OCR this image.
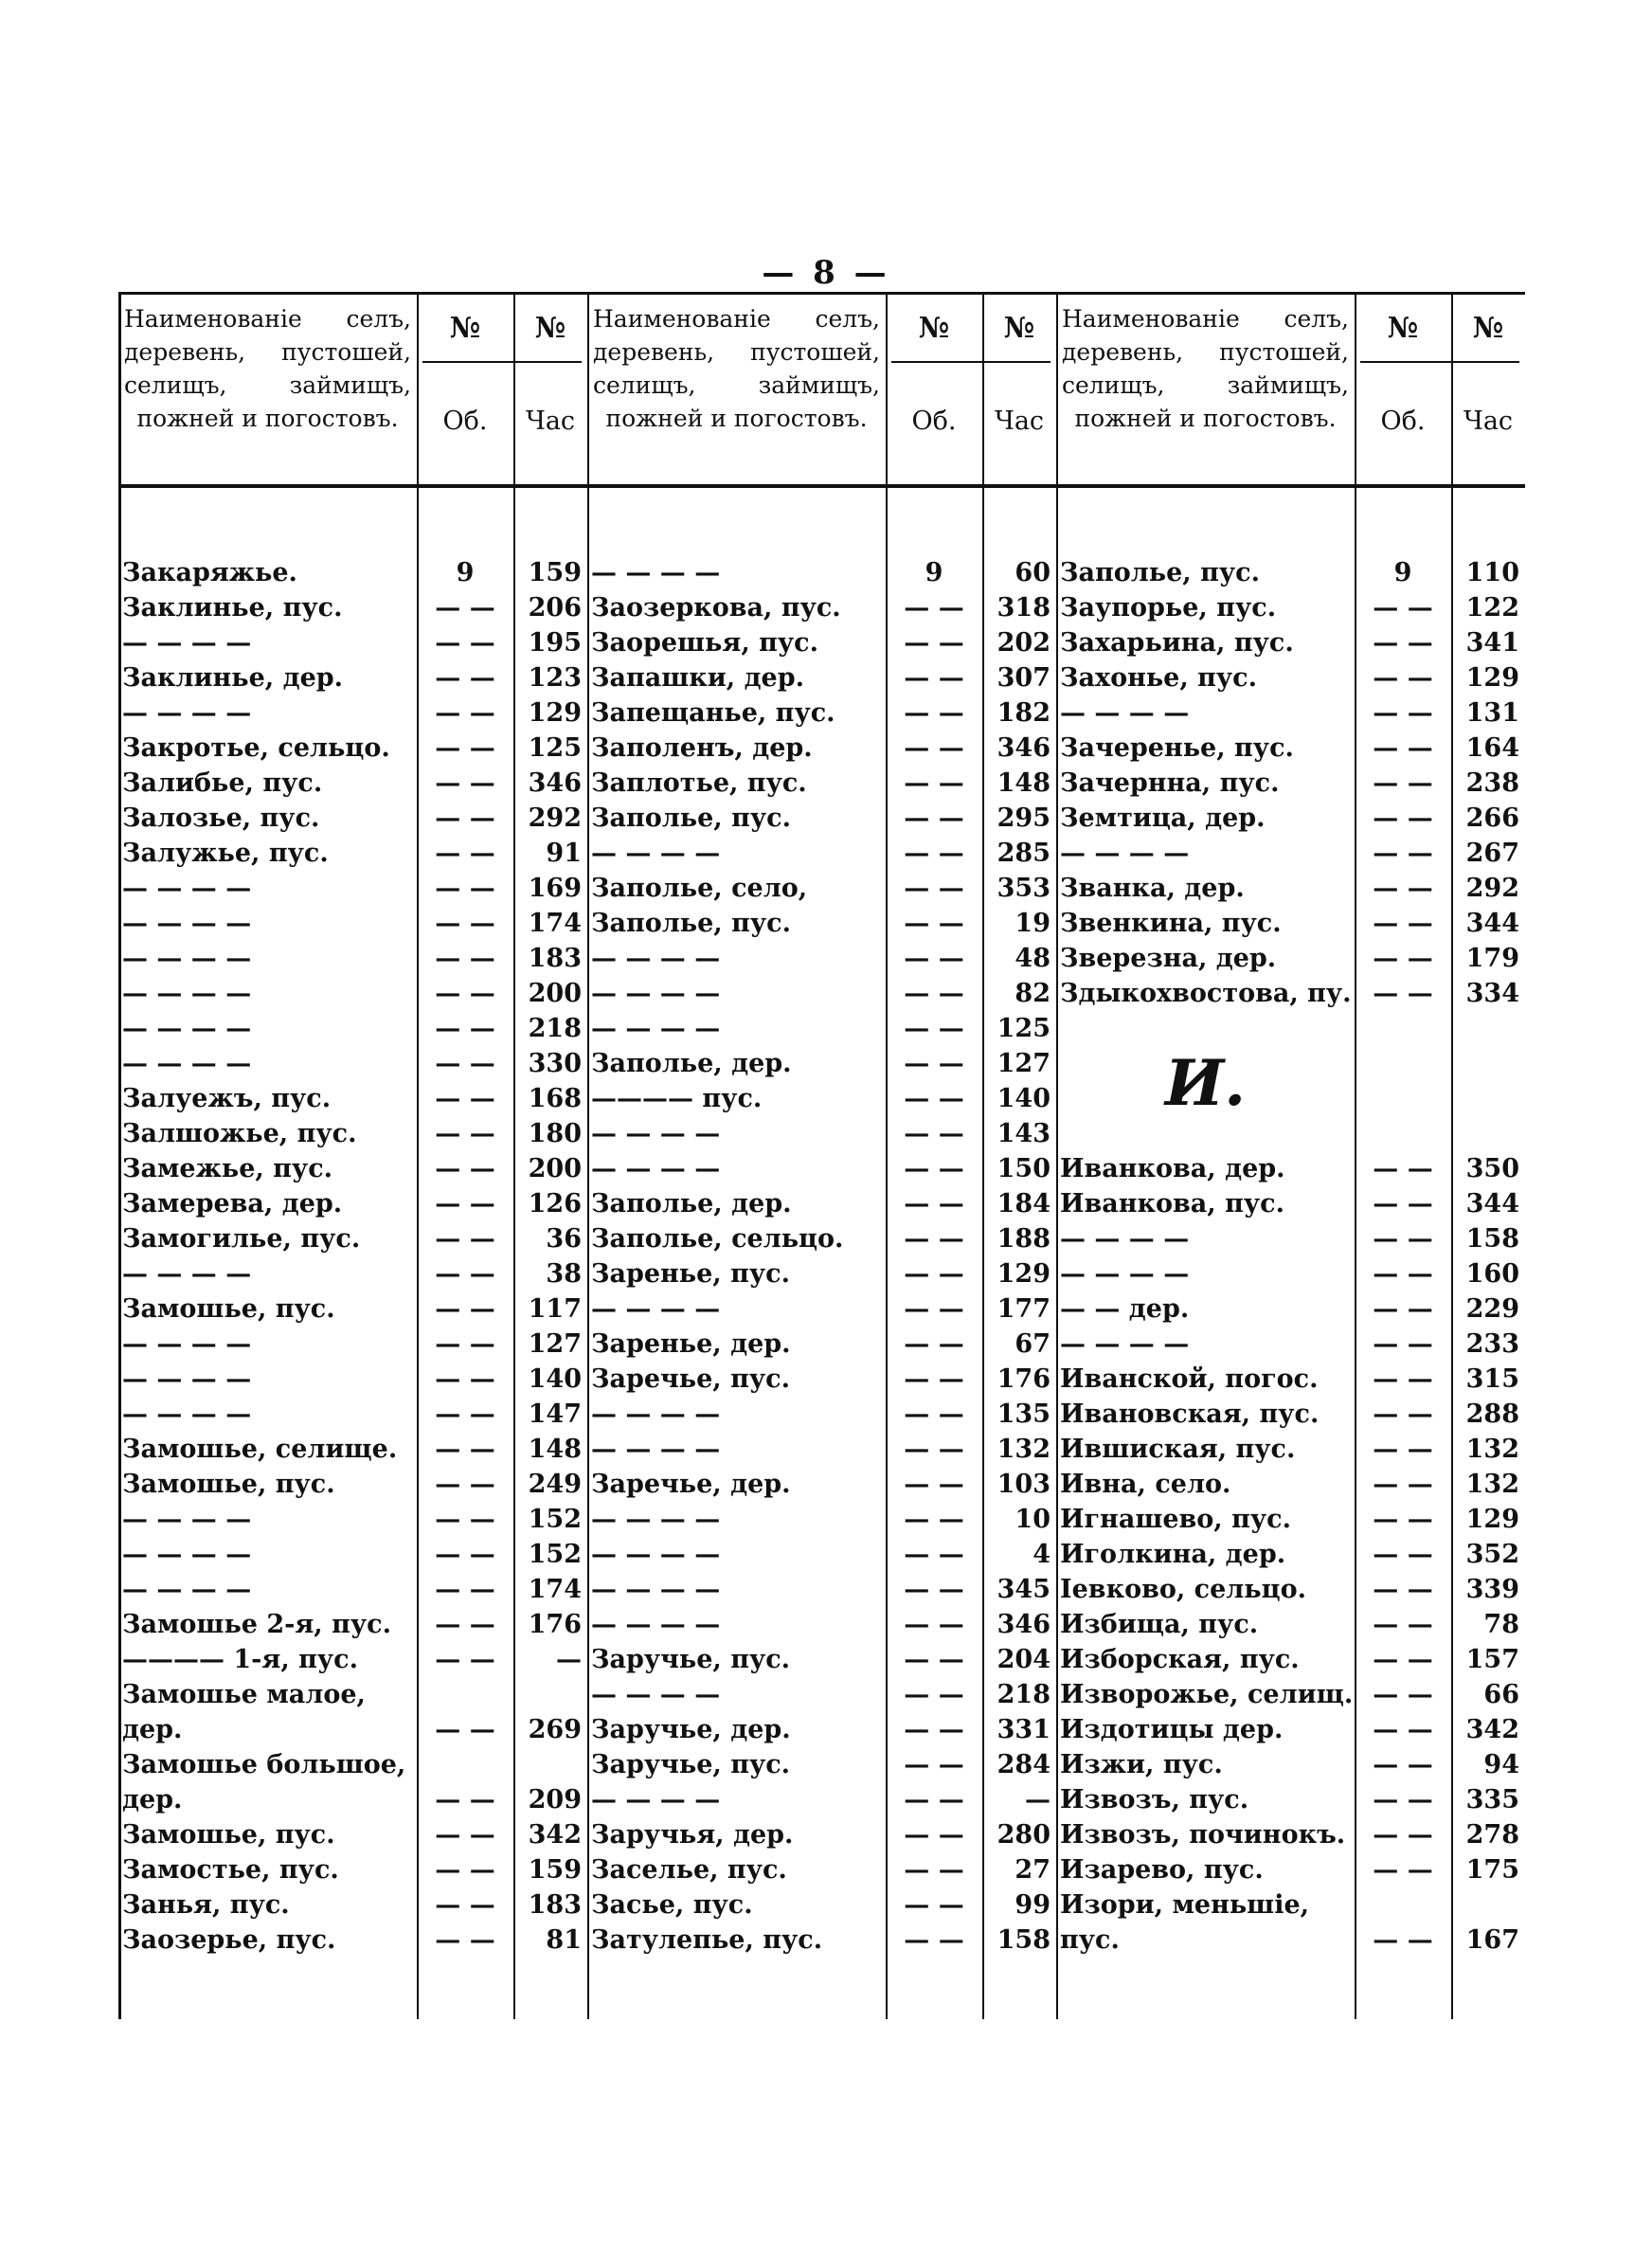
— 8 —
Наименованіе селъ, деревень, пустошей, селищъ, займищъ, пожней и погостовъ.
№	№
Об.	Час
Закаряжье.	9	159
Заклинье, пус.	— —	206
— — — —	— —	195
Заклинье, дер.	— —	123
— — — —	— —	129
Закротье, сельцо.	— —	125
Залибье, пус.	— —	346
Залозье, пус.	— —	292
Залужье, пус.	— —	91
— — — —	— —	169
— — — —	— —	174
— — — —	— —	183
— — — —	— —	200
— — — —	— —	218
— — — —	— —	330
Залуежъ, пус.	— —	168
Залшожье, пус.	— —	180
Замежье, пус.	— —	200
Замерева, дер.	— —	126
Замогилье, пус.	— —	36
— — — —	— —	38
Замошье, пус.	— —	117
— — — —	— —	127
— — — —	— —	140
— — — —	— —	147
Замошье, селище.	— —	148
Замошье, пус.	— —	249
— — — —	— —	152
— — — —	— —	152
— — — —	— —	174
Замошье 2-я, пус.	— —	176
———— 1-я, пус.	— —	—
Замошье малое,
дер.	— —	269
Замошье большое,
дер.	— —	209
Замошье, пус.	— —	342
Замостье, пус.	— —	159
Занья, пус.	— —	183
Заозерье, пус.	— —	81
Наименованіе селъ, деревень, пустошей, селищъ, займищъ, пожней и погостовъ.
№	№
Об.	Час
— — — —	9	60
Заозеркова, пус.	— —	318
Заорешья, пус.	— —	202
Запашки, дер.	— —	307
Запещанье, пус.	— —	182
Заполенъ, дер.	— —	346
Заплотье, пус.	— —	148
Заполье, пус.	— —	295
— — — —	— —	285
Заполье, село,	— —	353
Заполье, пус.	— —	19
— — — —	— —	48
— — — —	— —	82
— — — —	— —	125
Заполье, дер.	— —	127
———— пус.	— —	140
— — — —	— —	143
— — — —	— —	150
Заполье, дер.	— —	184
Заполье, сельцо.	— —	188
Заренье, пус.	— —	129
— — — —	— —	177
Заренье, дер.	— —	67
Заречье, пус.	— —	176
— — — —	— —	135
— — — —	— —	132
Заречье, дер.	— —	103
— — — —	— —	10
— — — —	— —	4
— — — —	— —	345
— — — —	— —	346
Заручье, пус.	— —	204
— — — —	— —	218
Заручье, дер.	— —	331
Заручье, пус.	— —	284
— — — —	— —	—
Заручья, дер.	— —	280
Заселье, пус.	— —	27
Засье, пус.	— —	99
Затулепье, пус.	— —	158
Наименованіе селъ, деревень, пустошей, селищъ, займищъ, пожней и погостовъ.
№	№
Об.	Час
Заполье, пус.	9	110
Заупорье, пус.	— —	122
Захарьина, пус.	— —	341
Захонье, пус.	— —	129
— — — —	— —	131
Зачеренье, пус.	— —	164
Зачернна, пус.	— —	238
Земтица, дер.	— —	266
— — — —	— —	267
Званка, дер.	— —	292
Звенкина, пус.	— —	344
Зверезна, дер.	— —	179
Здыкохвостова, пу. — —	334
Иванкова, дер.	— —	350
Иванкова, пус.	— —	344
— — — —	— —	158
— — — —	— —	160
— — дер.	— —	229
— — — —	— —	233
Иванской, погос.	— —	315
Ивановская, пус.	— —	288
Ившиская, пус.	— —	132
Ивна, село.	— —	132
Игнашево, пус.	— —	129
Иголкина, дер.	— —	352
Іевково, сельцо.	— —	339
Избища, пус.	— —	78
Изборская, пус.	— —	157
Изворожье, селищ. — —	66
Издотицы дер.	— —	342
Изжи, пус.	— —	94
Извозъ, пус.	— —	335
Извозъ, починокъ.	— —	278
Изарево, пус.	— —	175
Изори, меньшіе,
пус.	— —	167
И.
